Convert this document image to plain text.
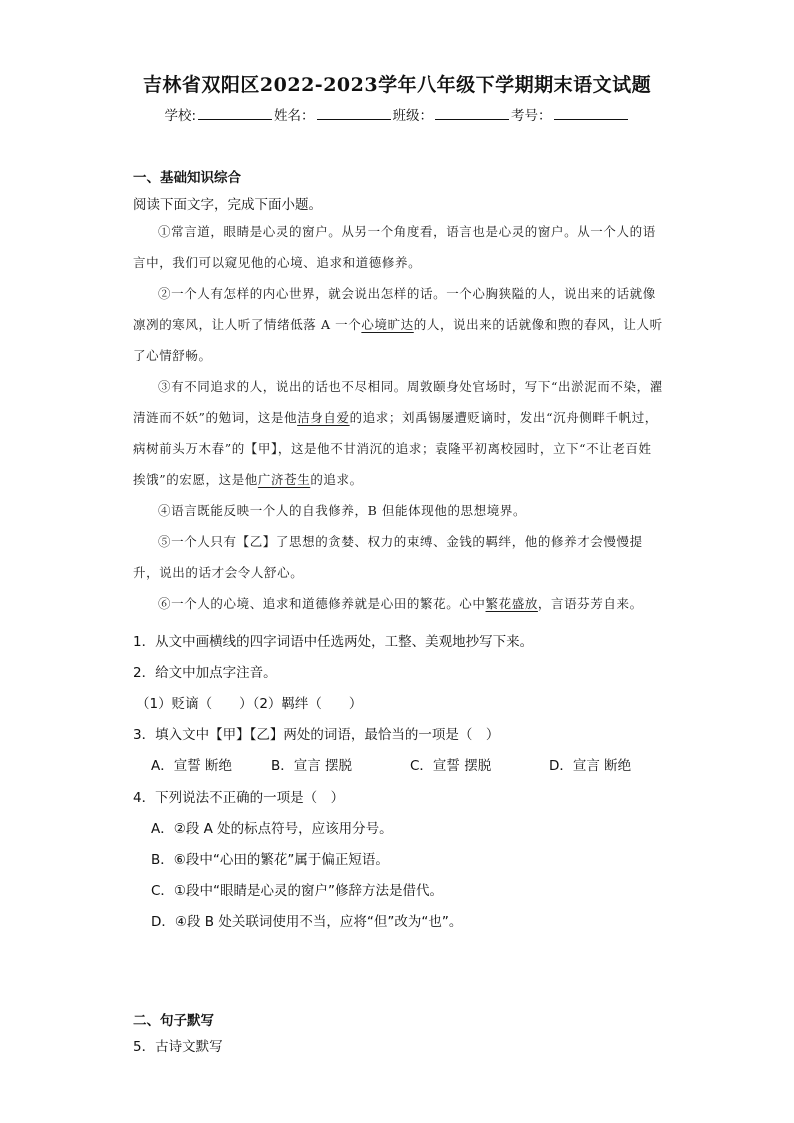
吉林省双阳区2022-2023学年八年级下学期期末语文试题
学校:	姓名：	班级：	考号：
一、基础知识综合
阅读下面文字，完成下面小题。

①常言道，眼睛是心灵的窗户。从另一个角度看，语言也是心灵的窗户。从一个人的语言中，我们可以窥见他的心境、追求和道德修养。

②一个人有怎样的内心世界，就会说出怎样的话。一个心胸狭隘的人，说出来的话就像凛冽的寒风，让人听了情绪低落 A 一个心境旷达的人，说出来的话就像和煦的春风，让人听了心情舒畅。

③有不同追求的人，说出的话也不尽相同。周敦颐身处官场时，写下“出淤泥而不染，濯清涟而不妖”的勉词，这是他洁身自爱的追求；刘禹锡屡遭贬谪时，发出“沉舟侧畔千帆过，病树前头万木春”的【甲】，这是他不甘消沉的追求；袁隆平初离校园时，立下“不让老百姓挨饿”的宏愿，这是他广济苍生的追求。

④语言既能反映一个人的自我修养，B 但能体现他的思想境界。

⑤一个人只有【乙】了思想的贪婪、权力的束缚、金钱的羁绊，他的修养才会慢慢提升，说出的话才会令人舒心。

⑥一个人的心境、追求和道德修养就是心田的繁花。心中繁花盛放，言语芬芳自来。

1．从文中画横线的四字词语中任选两处，工整、美观地抄写下来。
2．给文中加点字注音。
（1）贬谪（　　）（2）羁绊（　　）
3．填入文中【甲】【乙】两处的词语，最恰当的一项是（　）
A．宣誓 断绝	B．宣言 摆脱	C．宣誓 摆脱	D．宣言 断绝
4．下列说法不正确的一项是（　）
A．②段 A 处的标点符号，应该用分号。
B．⑥段中“心田的繁花”属于偏正短语。
C．①段中“眼睛是心灵的窗户”修辞方法是借代。
D．④段 B 处关联词使用不当，应将“但”改为“也”。
二、句子默写
5．古诗文默写
